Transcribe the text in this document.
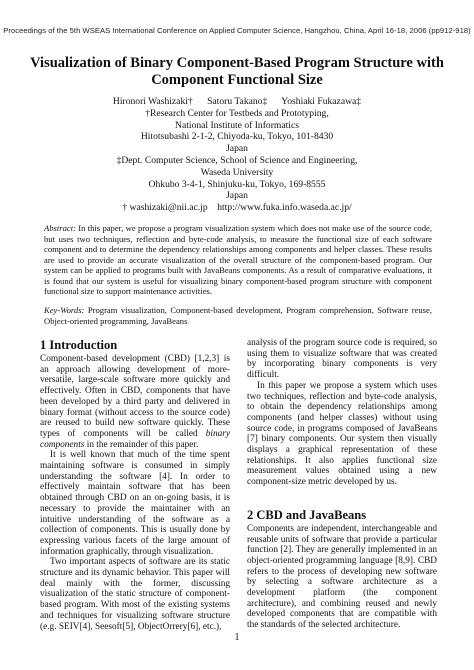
Proceedings of the 5th WSEAS International Conference on Applied Computer Science, Hangzhou, China, April 16-18, 2006 (pp912-918)
Visualization of Binary Component-Based Program Structure with
Component Functional Size
Hironori Washizaki†      Satoru Takano‡      Yoshiaki Fukazawa‡
†Research Center for Testbeds and Prototyping,
National Institute of Informatics
Hitotsubashi 2-1-2, Chiyoda-ku, Tokyo, 101-8430
Japan
‡Dept. Computer Science, School of Science and Engineering,
Waseda University
Ohkubo 3-4-1, Shinjuku-ku, Tokyo, 169-8555
Japan
† washizaki@nii.ac.jp    http://www.fuka.info.waseda.ac.jp/
Abstract: In this paper, we propose a program visualization system which does not make use of the source code, but uses two techniques, reflection and byte-code analysis, to measure the functional size of each software component and to determine the dependency relationships among components and helper classes. These results are used to provide an accurate visualization of the overall structure of the component-based program. Our system can be applied to programs built with JavaBeans components. As a result of comparative evaluations, it is found that our system is useful for visualizing binary component-based program structure with component functional size to support maintenance activities.
Key-Words: Program visualization, Component-based development, Program comprehension, Software reuse, Object-oriented programming, JavaBeans
1 Introduction

Component-based development (CBD) [1,2,3] is an approach allowing development of more-versatile, large-scale software more quickly and effectively. Often in CBD, components that have been developed by a third party and delivered in binary format (without access to the source code) are reused to build new software quickly. These types of components will be called binary components in the remainder of this paper.

It is well known that much of the time spent maintaining software is consumed in simply understanding the software [4]. In order to effectively maintain software that has been obtained through CBD on an on-going basis, it is necessary to provide the maintainer with an intuitive understanding of the software as a collection of components. This is usually done by expressing various facets of the large amount of information graphically, through visualization.

Two important aspects of software are its static structure and its dynamic behavior. This paper will deal mainly with the former, discussing visualization of the static structure of component-based program. With most of the existing systems and techniques for visualizing software structure (e.g. SEIV[4], Seesoft[5], ObjectOrrery[6], etc.),

analysis of the program source code is required, so using them to visualize software that was created by incorporating binary components is very difficult.

In this paper we propose a system which uses two techniques, reflection and byte-code analysis, to obtain the dependency relationships among components (and helper classes) without using source code, in programs composed of JavaBeans [7] binary components. Our system then visually displays a graphical representation of these relationships. It also applies functional size measurement values obtained using a new component-size metric developed by us.

2 CBD and JavaBeans

Components are independent, interchangeable and reusable units of software that provide a particular function [2]. They are generally implemented in an object-oriented programming language [8,9]. CBD refers to the process of developing new software by selecting a software architecture as a development platform (the component architecture), and combining reused and newly developed components that are compatible with the standards of the selected architecture.

1
